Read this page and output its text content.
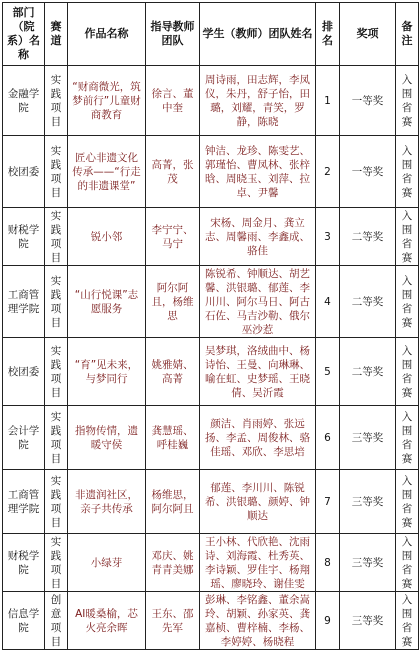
部门（院系）名称	赛道	作品名称	指导教师团队	学生（教师）团队姓名	排名	奖项	备注
金融学院	实践项目	“财商微光，筑梦前行”儿童财商教育	徐言、董中奎	周诗雨，田志辉，李凤仪，朱丹，舒子怡，田璐，刘耀，青笑，罗静，陈晓	1	一等奖	入围省赛
校团委	实践项目	匠心非遗文化传承——“行走的非遗课堂”	高菁，张茂	钟洁、龙珍、陈雯艺、郭瑾怡、曹凤林、张梓晗、周晓玉、刘萍、拉卓、尹馨	2	一等奖	入围省赛
财税学院	实践项目	锐小邻	李宁宁、马宁	宋杨、周金月、龚立志、周馨雨、李鑫成、骆佳	3	二等奖	入围省赛
工商管理学院	实践项目	“山行悦课”志愿服务	阿尔阿且，杨维思	陈锐希、钟顺达、胡艺馨、洪银璐、郁莲、李川川、阿尔马日、阿古石佐、马吉沙勒、俄尔巫沙惹	4	二等奖	入围省赛
校团委	实践项目	“育”见未来，与梦同行	姚雅婧、高菁	吴梦琪，洛绒曲中、杨诗怡、王曼、向琳琳、喻在虹、史梦瑶、王晓倩、吴沂霞	5	二等奖	入围省赛
会计学院	实践项目	指物传情，遗暖守侯	龚慧瑶、呼桂巍	颜洁、肖雨婷、张远扬、李孟、周俊林、骆佳瑶、邓欣、李思培	6	三等奖	入围省赛
工商管理学院	实践项目	非遗润社区，亲子共传承	杨维思，阿尔阿且	郁莲、李川川、陈锐希、洪银璐、颜婷、钟顺达	7	三等奖	入围省赛
财税学院	实践项目	小绿芽	邓庆、姚青青美娜	王小林、代欣艳、沈雨诗、刘海霞、杜秀英、李诗颖、罗佳宇、杨翔瑶、廖晓玲、谢佳雯	8	三等奖	入围省赛
信息学院	创意项目	AI暖桑榆，芯火亮余晖	王东、邵先军	彭琳、李铭鑫、董余嵩玲、胡颖、孙家英、龚嘉桢、曹梓楠、李杨、李婷婷、杨晓程	9	三等奖	入围省赛
